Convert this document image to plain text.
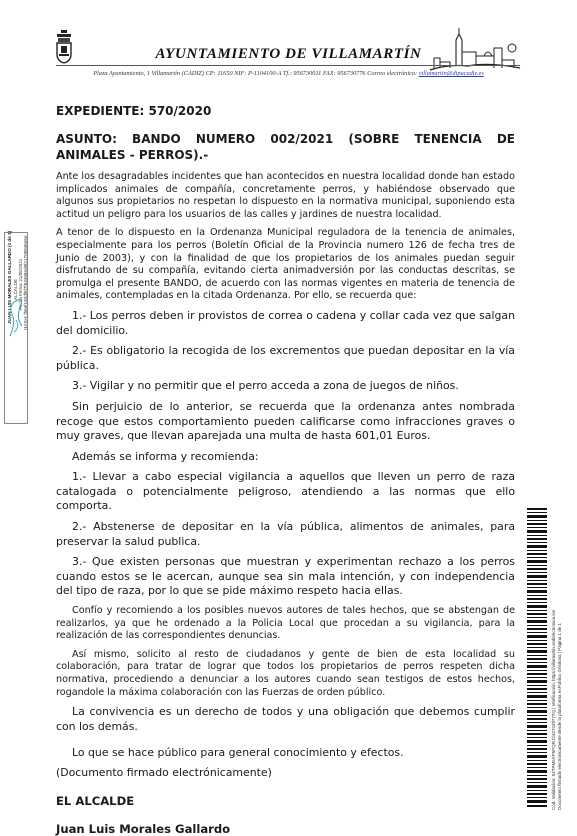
AYUNTAMIENTO DE VILLAMARTÍN
Plaza Ayuntamiento, 1 Villamartín (CADIZ) CP: 11650 NIF: P-1104100-A Tf.: 956730011 FAX: 956730776 Correo electrónico: villamartin@dipucadiz.es
JUAN LUIS MORALES GALLARDO (1 de 1) ALCALDE Fecha Firma: 21/05/2021 HASH: f56ef180df6f7f63468ed6f21708946e5e
Cód. Validación: 94TPM5XP5PQRJ24Z7GDP7TQ | Verificación: https://villamartin.sedelectronica.es/ Documento firmado electrónicamente desde la plataforma esPublico Gestiona | Página 1 de 1
EXPEDIENTE: 570/2020
ASUNTO: BANDO NUMERO 002/2021 (SOBRE TENENCIA DE ANIMALES - PERROS).-

Ante los desagradables incidentes que han acontecidos en nuestra localidad donde han estado implicados animales de compañía, concretamente perros, y habiéndose observado que algunos sus propietarios no respetan lo dispuesto en la normativa municipal, suponiendo esta actitud un peligro para los usuarios de las calles y jardines de nuestra localidad.

A tenor de lo dispuesto en la Ordenanza Municipal reguladora de la tenencia de animales, especialmente para los perros (Boletín Oficial de la Provincia numero 126 de fecha tres de Junio de 2003), y con la finalidad de que los propietarios de los animales puedan seguir disfrutando de su compañía, evitando cierta animadversión por las conductas descritas, se promulga el presente BANDO, de acuerdo con las normas vigentes en materia de tenencia de animales, contempladas en la citada Ordenanza. Por ello, se recuerda que:

1.- Los perros deben ir provistos de correa o cadena y collar cada vez que salgan del domicilio.

2.- Es obligatorio la recogida de los excrementos que puedan depositar en la vía pública.

3.- Vigilar y no permitir que el perro acceda a zona de juegos de niños.

Sin perjuicio de lo anterior, se recuerda que la ordenanza antes nombrada recoge que estos comportamiento pueden calificarse como infracciones graves o muy graves, que llevan aparejada una multa de hasta 601,01 Euros.

Además se informa y recomienda:

1.- Llevar a cabo especial vigilancia a aquellos que lleven un perro de raza catalogada o potencialmente peligroso, atendiendo a las normas que ello comporta.

2.- Abstenerse de depositar en la vía pública, alimentos de animales, para preservar la salud publica.

3.- Que existen personas que muestran y experimentan rechazo a los perros cuando estos se le acercan, aunque sea sin mala intención, y con independencia del tipo de raza, por lo que se pide máximo respeto hacia ellas.

Confío y recomiendo a los posibles nuevos autores de tales hechos, que se abstengan de realizarlos, ya que he ordenado a la Policia Local que procedan a su vigilancia, para la realización de las correspondientes denuncias.

Así mismo, solicito al resto de ciudadanos y gente de bien de esta localidad su colaboración, para tratar de lograr que todos los propietarios de perros respeten dicha normativa, procediendo a denunciar a los autores cuando sean testigos de estos hechos, rogandole la máxima colaboración con las Fuerzas de orden público.

La convivencia es un derecho de todos y una obligación que debemos cumplir con los demás.

Lo que se hace público para general conocimiento y efectos.

(Documento firmado electrónicamente)

EL ALCALDE
Juan Luis Morales Gallardo
